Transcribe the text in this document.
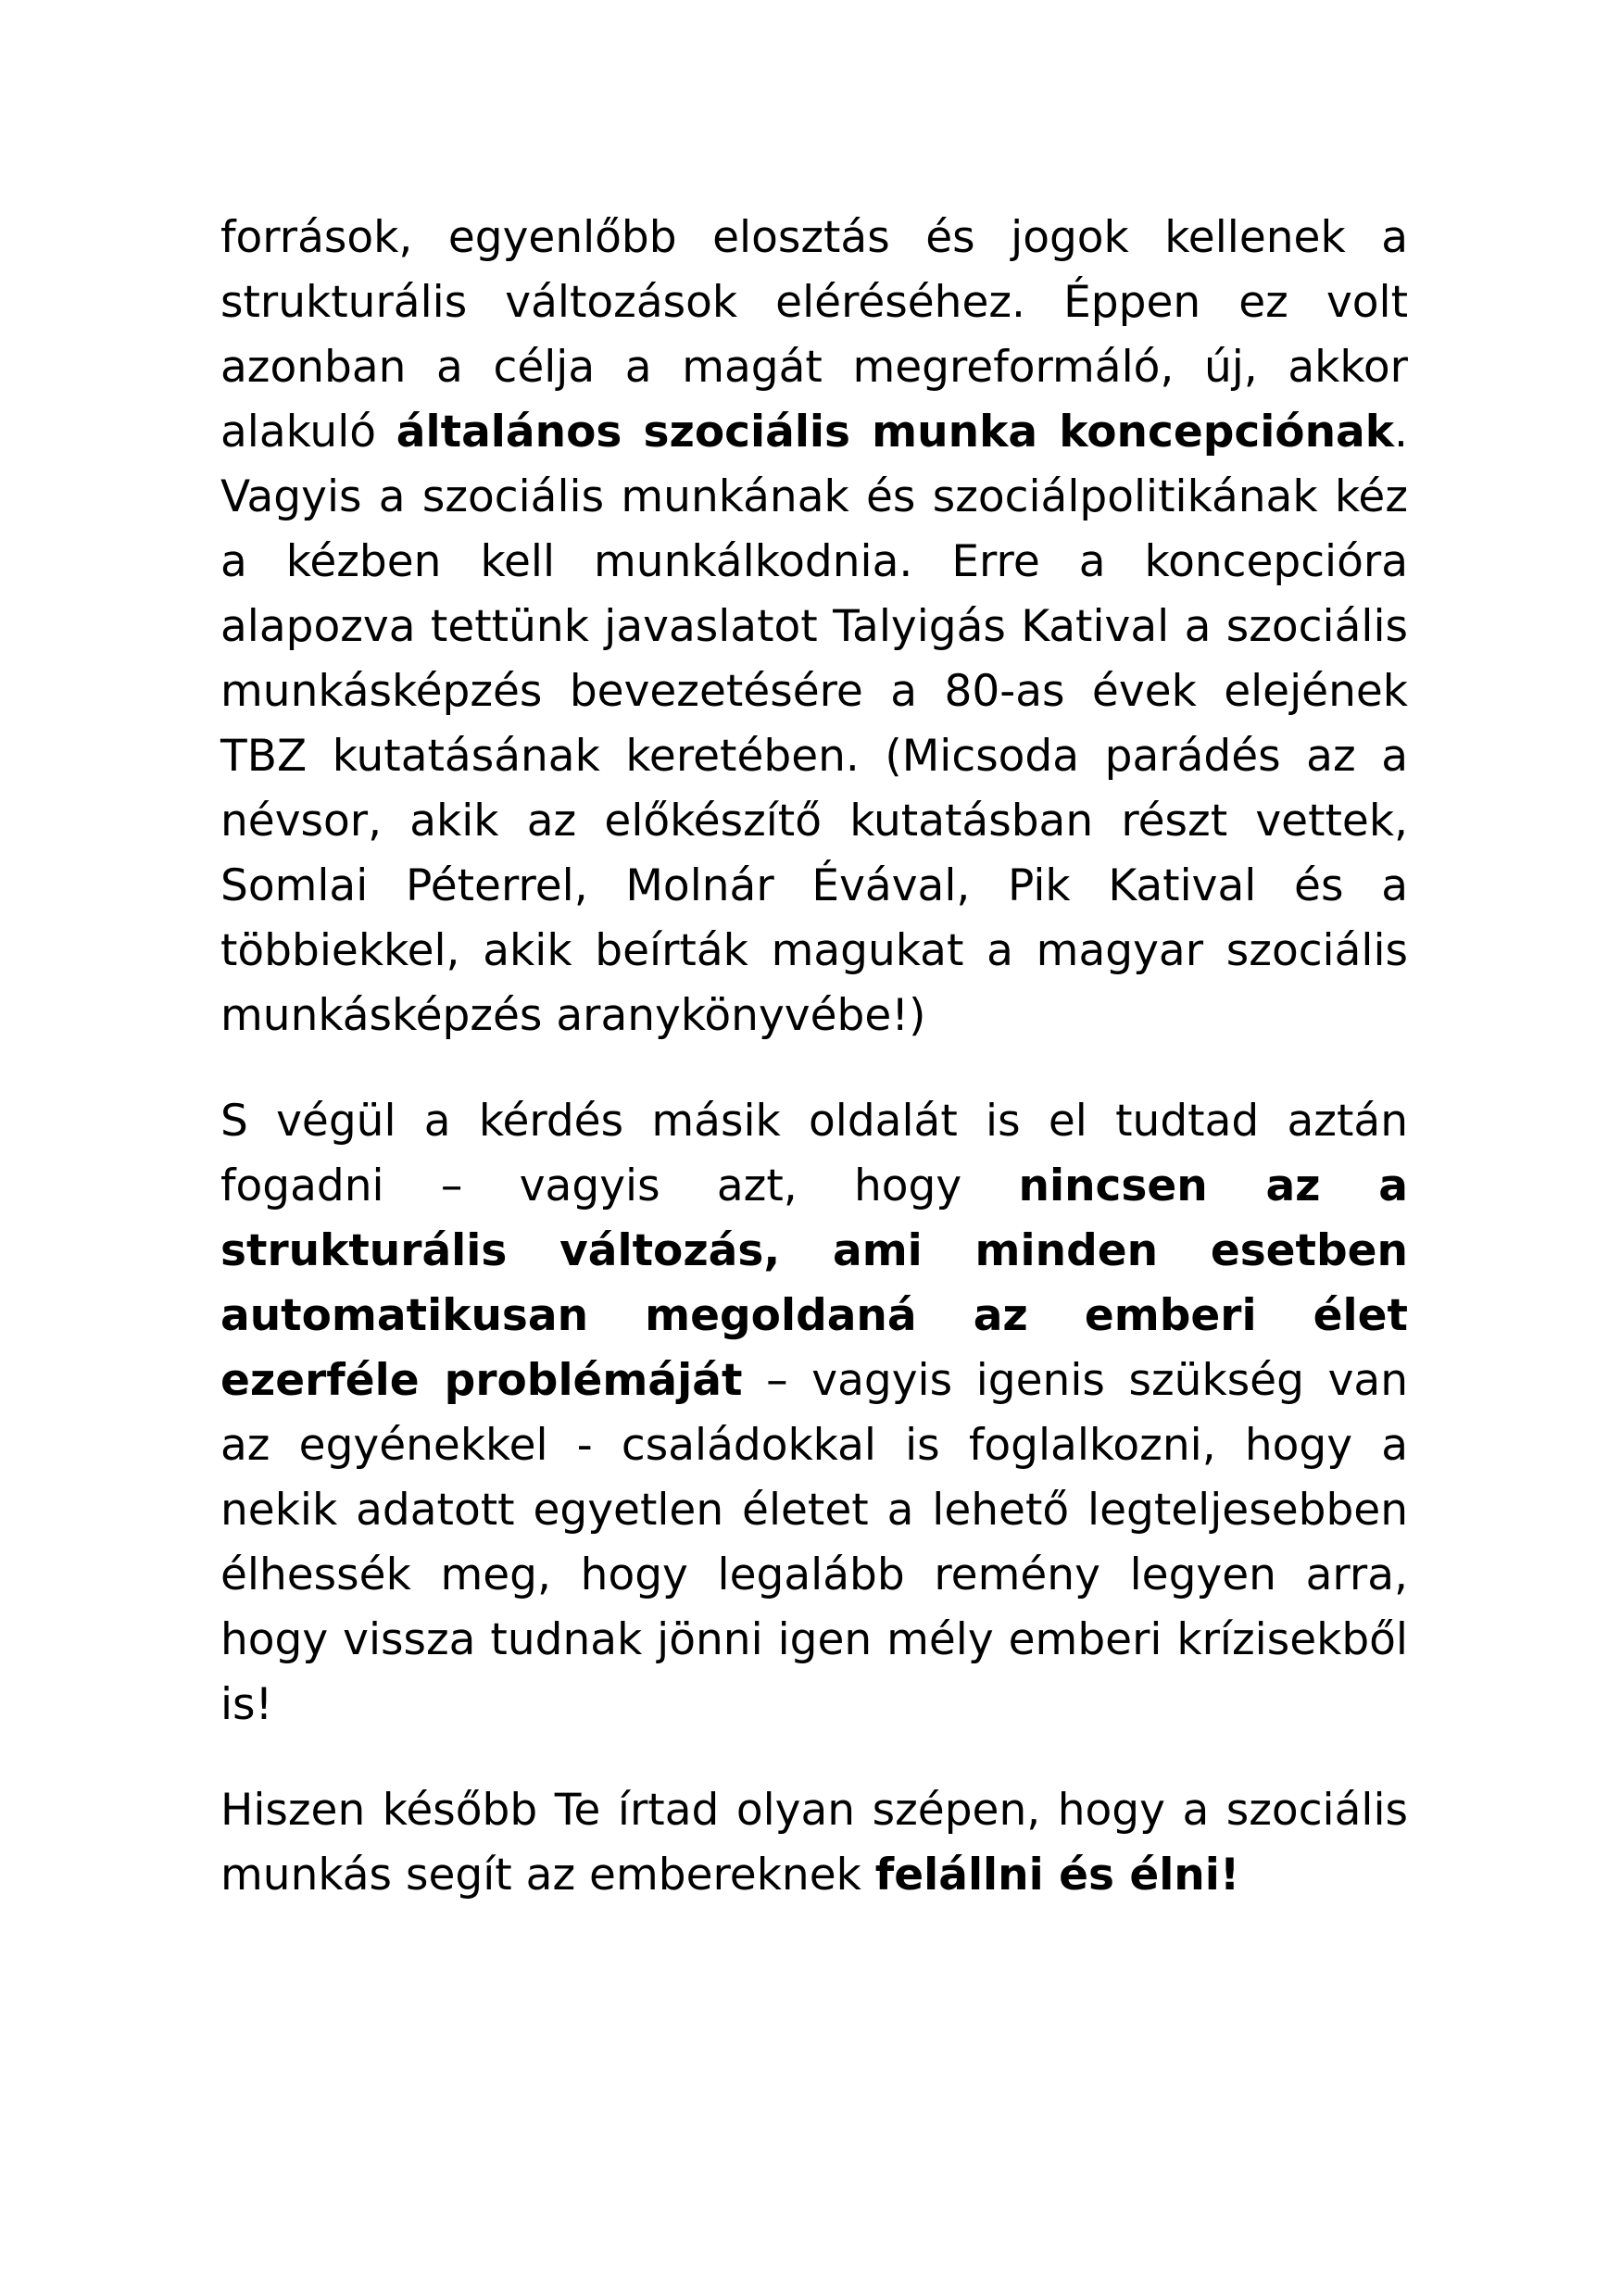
források, egyenlőbb elosztás és jogok kellenek a strukturális változások eléréséhez. Éppen ez volt azonban a célja a magát megreformáló, új, akkor alakuló általános szociális munka koncepciónak. Vagyis a szociális munkának és szociálpolitikának kéz a kézben kell munkálkodnia. Erre a koncepcióra alapozva tettünk javaslatot Talyigás Katival a szociális munkásképzés bevezetésére a 80-as évek elejének TBZ kutatásának keretében. (Micsoda parádés az a névsor, akik az előkészítő kutatásban részt vettek, Somlai Péterrel, Molnár Évával, Pik Katival és a többiekkel, akik beírták magukat a magyar szociális munkásképzés aranykönyvébe!)

S végül a kérdés másik oldalát is el tudtad aztán fogadni – vagyis azt, hogy nincsen az a strukturális változás, ami minden esetben automatikusan megoldaná az emberi élet ezerféle problémáját – vagyis igenis szükség van az egyénekkel - családokkal is foglalkozni, hogy a nekik adatott egyetlen életet a lehető legteljesebben élhessék meg, hogy legalább remény legyen arra, hogy vissza tudnak jönni igen mély emberi krízisekből is!

Hiszen később Te írtad olyan szépen, hogy a szociális munkás segít az embereknek felállni és élni!
